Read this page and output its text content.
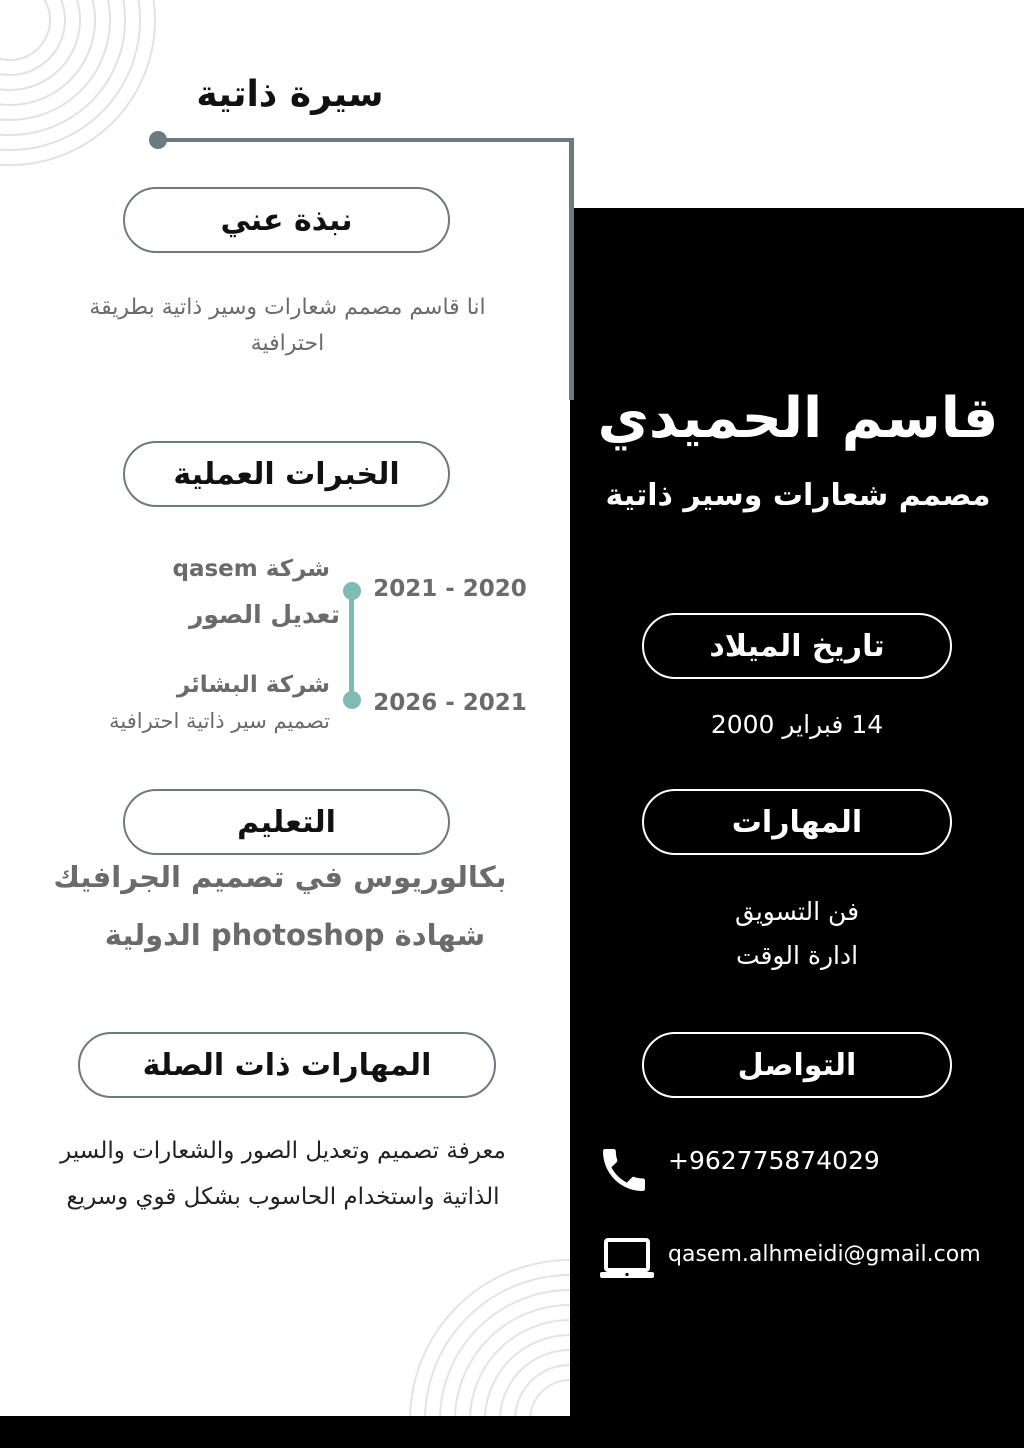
سيرة ذاتية
نبذة عني
انا قاسم مصمم شعارات وسير ذاتية بطريقة
احترافية
الخبرات العملية
شركة qasem
تعديل الصور
2021 - 2020
شركة البشائر
تصميم سير ذاتية احترافية
2026 - 2021
التعليم
بكالوريوس في تصميم الجرافيك
شهادة photoshop الدولية
المهارات ذات الصلة
معرفة تصميم وتعديل الصور والشعارات والسير
الذاتية واستخدام الحاسوب بشكل قوي وسريع
قاسم الحميدي
مصمم شعارات وسير ذاتية
تاريخ الميلاد
14 فبراير 2000
المهارات
فن التسويق
ادارة الوقت
التواصل
+962775874029
qasem.alhmeidi@gmail.com
